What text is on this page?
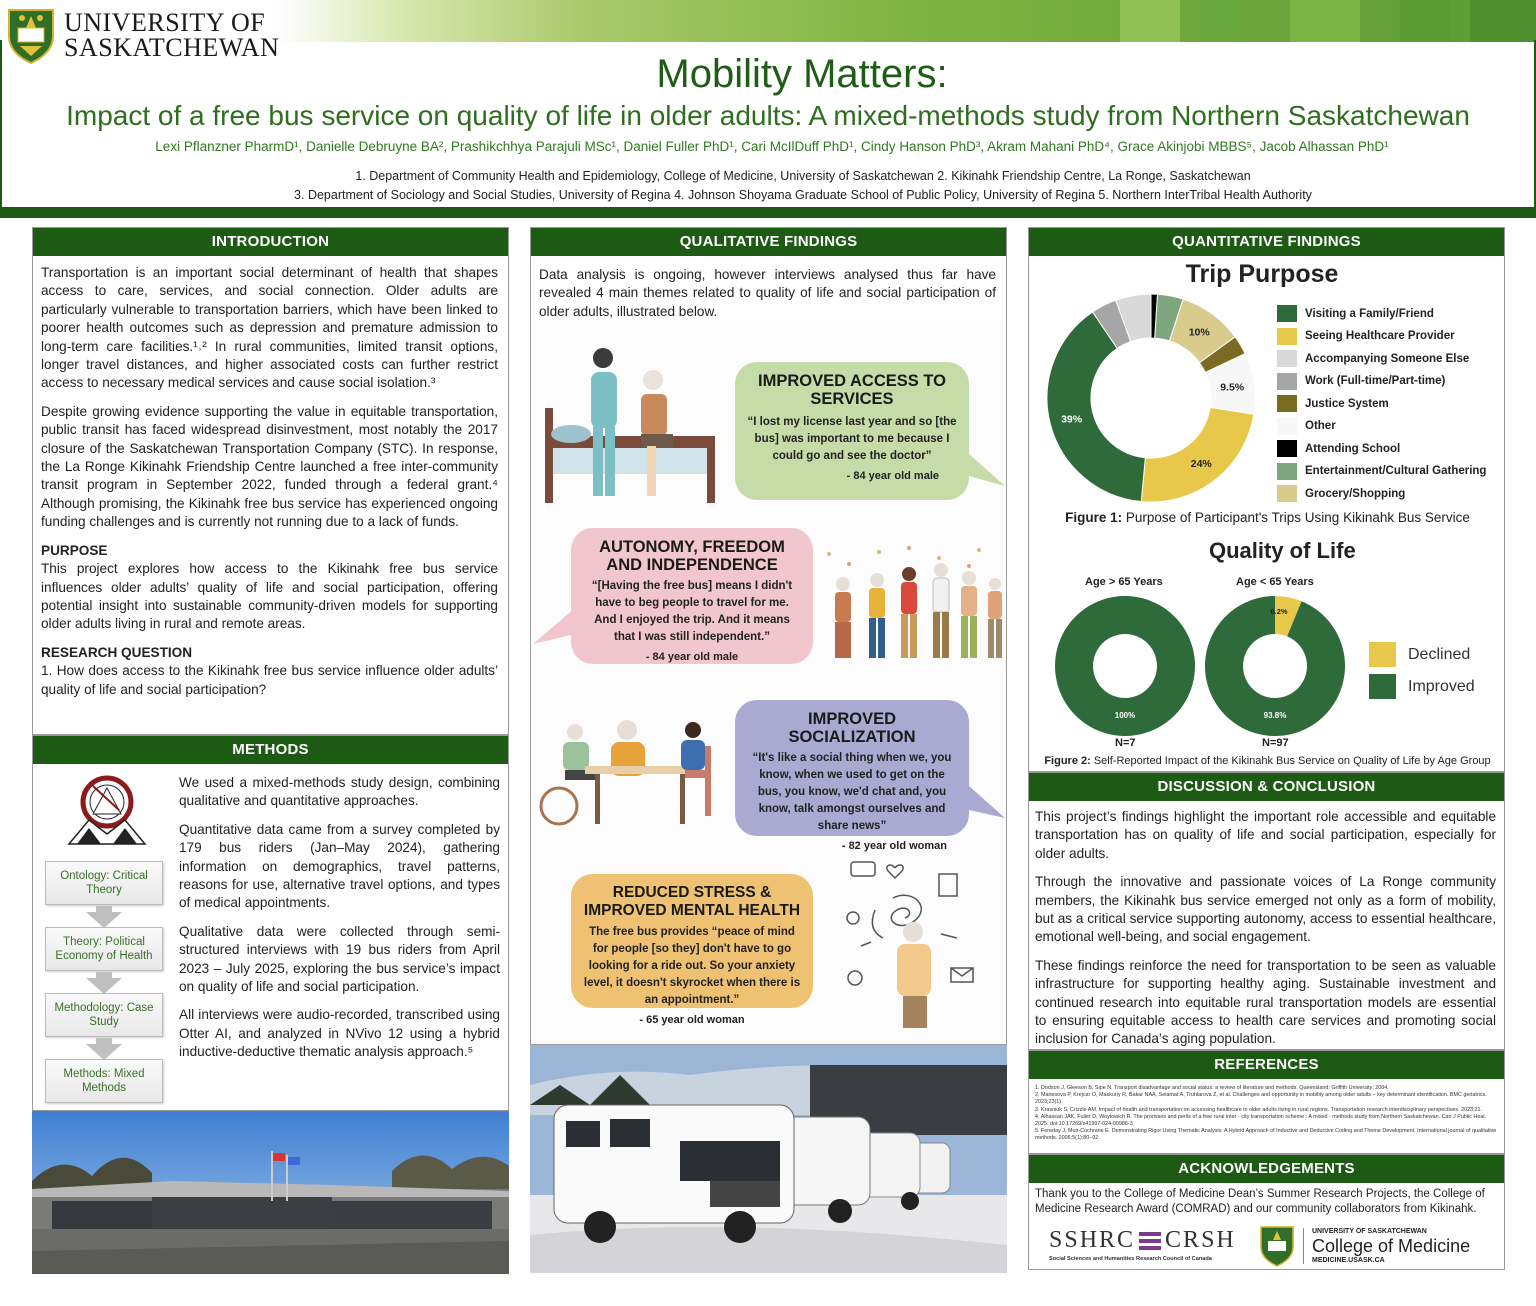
UNIVERSITY OF
SASKATCHEWAN
Mobility Matters:
Impact of a free bus service on quality of life in older adults: A mixed-methods study from Northern Saskatchewan
Lexi Pflanzner PharmD¹, Danielle Debruyne BA², Prashikchhya Parajuli MSc¹, Daniel Fuller PhD¹, Cari McIlDuff PhD¹, Cindy Hanson PhD³, Akram Mahani PhD⁴, Grace Akinjobi MBBS⁵, Jacob Alhassan PhD¹
1. Department of Community Health and Epidemiology, College of Medicine, University of Saskatchewan 2. Kikinahk Friendship Centre, La Ronge, Saskatchewan
3. Department of Sociology and Social Studies, University of Regina 4. Johnson Shoyama Graduate School of Public Policy, University of Regina 5. Northern InterTribal Health Authority
INTRODUCTION

Transportation is an important social determinant of health that shapes access to care, services, and social connection. Older adults are particularly vulnerable to transportation barriers, which have been linked to poorer health outcomes such as depression and premature admission to long-term care facilities.¹˒² In rural communities, limited transit options, longer travel distances, and higher associated costs can further restrict access to necessary medical services and cause social isolation.³

Despite growing evidence supporting the value in equitable transportation, public transit has faced widespread disinvestment, most notably the 2017 closure of the Saskatchewan Transportation Company (STC). In response, the La Ronge Kikinahk Friendship Centre launched a free inter-community transit program in September 2022, funded through a federal grant.⁴ Although promising, the Kikinahk free bus service has experienced ongoing funding challenges and is currently not running due to a lack of funds.

PURPOSE

This project explores how access to the Kikinahk free bus service influences older adults’ quality of life and social participation, offering potential insight into sustainable community-driven models for supporting older adults living in rural and remote areas.

RESEARCH QUESTION

1. How does access to the Kikinahk free bus service influence older adults’ quality of life and social participation?

METHODS
Ontology: Critical Theory
Theory: Political Economy of Health
Methodology: Case Study
Methods: Mixed Methods

We used a mixed-methods study design, combining qualitative and quantitative approaches.

Quantitative data came from a survey completed by 179 bus riders (Jan–May 2024), gathering information on demographics, travel patterns, reasons for use, alternative travel options, and types of medical appointments.

Qualitative data were collected through semi-structured interviews with 19 bus riders from April 2023 – July 2025, exploring the bus service’s impact on quality of life and social participation.

All interviews were audio-recorded, transcribed using Otter AI, and analyzed in NVivo 12 using a hybrid inductive-deductive thematic analysis approach.⁵

QUALITATIVE FINDINGS
Data analysis is ongoing, however interviews analysed thus far have revealed 4 main themes related to quality of life and social participation of older adults, illustrated below.
IMPROVED ACCESS TO SERVICES
“I lost my license last year and so [the bus] was important to me because I could go and see the doctor”
- 84 year old male
AUTONOMY, FREEDOM AND INDEPENDENCE
“[Having the free bus] means I didn't have to beg people to travel for me. And I enjoyed the trip. And it means that I was still independent.”
- 84 year old male
IMPROVED SOCIALIZATION
“It's like a social thing when we, you know, when we used to get on the bus, you know, we'd chat and, you know, talk amongst ourselves and share news”
- 82 year old woman
REDUCED STRESS & IMPROVED MENTAL HEALTH
The free bus provides “peace of mind for people [so they] don't have to go looking for a ride out. So your anxiety level, it doesn't skyrocket when there is an appointment.”
- 65 year old woman
QUANTITATIVE FINDINGS
Trip Purpose
10%
9.5%
24%
39%
Figure 1: Purpose of Participant's Trips Using Kikinahk Bus Service
Quality of Life
Age > 65 Years	Age < 65 Years
100%	93.8%
6.2%
N=7	N=97
Declined
Improved
Figure 2: Self-Reported Impact of the Kikinahk Bus Service on Quality of Life by Age Group
Visiting a Family/Friend
Seeing Healthcare Provider
Accompanying Someone Else
Work (Full-time/Part-time)
Justice System
Other
Attending School
Entertainment/Cultural Gathering
Grocery/Shopping
DISCUSSION & CONCLUSION

This project’s findings highlight the important role accessible and equitable transportation has on quality of life and social participation, especially for older adults.

Through the innovative and passionate voices of La Ronge community members, the Kikinahk bus service emerged not only as a form of mobility, but as a critical service supporting autonomy, access to essential healthcare, emotional well-being, and social engagement.

These findings reinforce the need for transportation to be seen as valuable infrastructure for supporting healthy aging. Sustainable investment and continued research into equitable rural transportation models are essential to ensuring equitable access to health care services and promoting social inclusion for Canada’s aging population.

REFERENCES
1. Dodson J, Gleeson B, Sipe N. Transport disadvantage and social status: a review of literature and methods. Queensland: Griffith University; 2004.
2. Manesova P, Krejcar O, Maskuriy R, Bakar NAA, Selamat A, Truhlarova Z, et al. Challenges and opportunity in mobility among older adults – key determinant identification. BMC geriatrics. 2023;23(1).
3. Krasniuk S, Crizzle AM. Impact of health and transportation on accessing healthcare in older adults living in rural regions. Transportation research interdisciplinary perspectives. 2023;21.
4. Alhassan JAK, Fuller D, Woytowich R. The promises and perils of a free rural inter - city transportation scheme : A mixed - methods study from Northern Saskatchewan. Can J Public Heal. 2025. doi:10.17269/s41997-024-00986-3
5. Fereday J, Muir-Cochrane E. Demonstrating Rigor Using Thematic Analysis: A Hybrid Approach of Inductive and Deductive Coding and Theme Development. International journal of qualitative methods. 2006;5(1):80–92.
ACKNOWLEDGEMENTS
Thank you to the College of Medicine Dean’s Summer Research Projects, the College of Medicine Research Award (COMRAD) and our community collaborators from Kikinahk.
SSHRC CRSH
Social Sciences and Humanities Research Council of Canada
UNIVERSITY OF SASKATCHEWAN
College of Medicine
MEDICINE.USASK.CA
